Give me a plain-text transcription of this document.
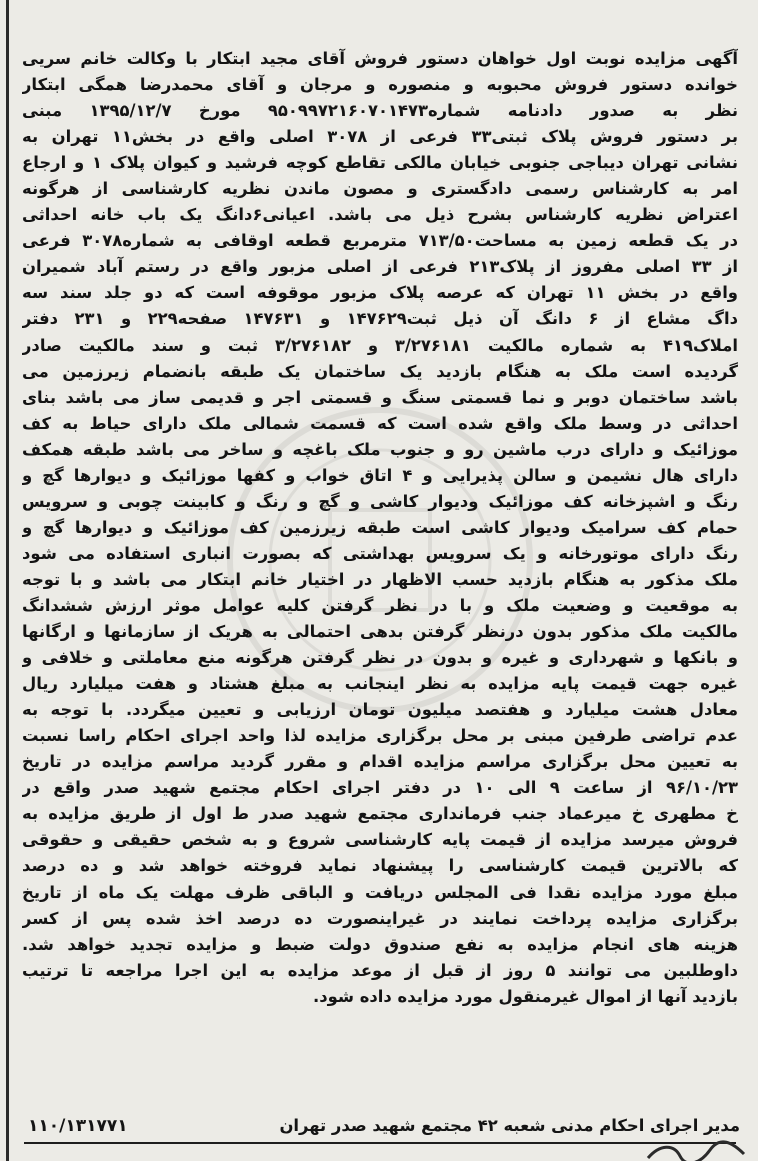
آگهی مزایده نوبت اول خواهان دستور فروش آقای مجید ابتکار با وکالت خانم سریی
خوانده دستور فروش محبوبه و منصوره و مرجان و آقای محمدرضا همگی ابتکار
نظر به صدور دادنامه شماره۹۵۰۹۹۷۲۱۶۰۷۰۱۴۷۳ مورخ ۱۳۹۵/۱۲/۷ مبنی
بر دستور فروش پلاک ثبتی۳۳ فرعی از ۳۰۷۸ اصلی واقع در بخش۱۱ تهران به
نشانی تهران دیباجی جنوبی خیابان مالکی تقاطع کوچه فرشید و کیوان پلاک ۱ و ارجاع
امر به کارشناس رسمی دادگستری و مصون ماندن نظریه کارشناسی از هرگونه
اعتراض نظریه کارشناس بشرح ذیل می باشد. اعیانی۶دانگ یک باب خانه احداثی
در یک قطعه زمین به مساحت۷۱۳/۵۰ مترمربع قطعه اوقافی به شماره۳۰۷۸ فرعی
از ۳۳ اصلی مفروز از پلاک۲۱۳ فرعی از اصلی مزبور واقع در رستم آباد شمیران
واقع در بخش ۱۱ تهران که عرصه پلاک مزبور موقوفه است که دو جلد سند سه
داگ مشاع از ۶ دانگ آن ذیل ثبت۱۴۷۶۲۹ و ۱۴۷۶۳۱ صفحه۲۲۹ و ۲۳۱ دفتر
املاک۴۱۹ به شماره مالکیت ۳/۲۷۶۱۸۱ و ۳/۲۷۶۱۸۲ ثبت و سند مالکیت صادر
گردیده است ملک به هنگام بازدید یک ساختمان یک طبقه بانضمام زیرزمین می
باشد ساختمان دوبر و نما قسمتی سنگ و قسمتی اجر و قدیمی ساز می باشد بنای
احداثی در وسط ملک واقع شده است که قسمت شمالی ملک دارای حیاط به کف
موزائیک و دارای درب ماشین رو و جنوب ملک باغچه و ساخر می باشد طبقه همکف
دارای هال نشیمن و سالن پذیرایی و ۴ اتاق خواب و کفها موزائیک و دیوارها گچ و
رنگ و اشپزخانه کف موزائیک ودیوار کاشی و گچ و رنگ و کابینت چوبی و سرویس
حمام کف سرامیک ودیوار کاشی است طبقه زیرزمین کف موزائیک و دیوارها گچ و
رنگ دارای موتورخانه و یک سرویس بهداشتی که بصورت انباری استفاده می شود
ملک مذکور به هنگام بازدید حسب الاظهار در اختیار خانم ابتکار می باشد و با توجه
به موقعیت و وضعیت ملک و با در نظر گرفتن کلیه عوامل موثر ارزش ششدانگ
مالکیت ملک مذکور بدون درنظر گرفتن بدهی احتمالی به هریک از سازمانها و ارگانها
و بانکها و شهرداری و غیره و بدون در نظر گرفتن هرگونه منع معاملتی و خلافی و
غیره جهت قیمت پایه مزایده به نظر اینجانب به مبلغ هشتاد و هفت میلیارد ریال
معادل هشت میلیارد و هفتصد میلیون تومان ارزیابی و تعیین میگردد. با توجه به
عدم تراضی طرفین مبنی بر محل برگزاری مزایده لذا واحد اجرای احکام راسا نسبت
به تعیین محل برگزاری مراسم مزایده اقدام و مقرر گردید مراسم مزایده در تاریخ
۹۶/۱۰/۲۳ از ساعت ۹ الی ۱۰ در دفتر اجرای احکام مجتمع شهید صدر واقع در
خ مطهری خ میرعماد جنب فرمانداری مجتمع شهید صدر ط اول از طریق مزایده به
فروش میرسد مزایده از قیمت پایه کارشناسی شروع و به شخص حقیقی و حقوقی
که بالاترین قیمت کارشناسی را پیشنهاد نماید فروخته خواهد شد و ده درصد
مبلغ مورد مزایده نقدا فی المجلس دریافت و الباقی ظرف مهلت یک ماه از تاریخ
برگزاری مزایده پرداخت نمایند در غیراینصورت ده درصد اخذ شده پس از کسر
هزینه های انجام مزایده به نفع صندوق دولت ضبط و مزایده تجدید خواهد شد.
داوطلبین می توانند ۵ روز از قبل از موعد مزایده به این اجرا مراجعه تا ترتیب
بازدید آنها از اموال غیرمنقول مورد مزایده داده شود.
مدیر اجرای احکام مدنی شعبه ۴۲ مجتمع شهید صدر تهران
۱۱۰/۱۳۱۷۷۱
